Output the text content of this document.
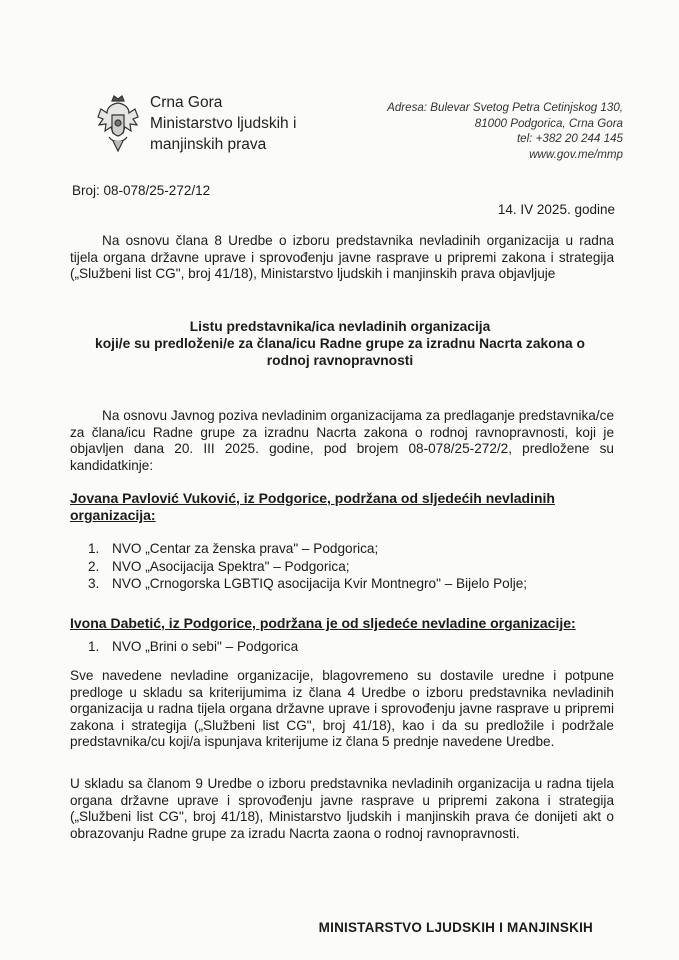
Crna Gora
Ministarstvo ljudskih i
manjinskih prava
Adresa: Bulevar Svetog Petra Cetinjskog 130,
81000 Podgorica, Crna Gora
tel: +382 20 244 145
www.gov.me/mmp
Broj: 08-078/25-272/12
14. IV 2025. godine
Na osnovu člana 8 Uredbe o izboru predstavnika nevladinih organizacija u radna tijela organa državne uprave i sprovođenju javne rasprave u pripremi zakona i strategija („Službeni list CG", broj 41/18), Ministarstvo ljudskih i manjinskih prava objavljuje
Listu predstavnika/ica nevladinih organizacija
koji/e su predloženi/e za člana/icu Radne grupe za izradnu Nacrta zakona o
rodnoj ravnopravnosti
Na osnovu Javnog poziva nevladinim organizacijama za predlaganje predstavnika/ce za člana/icu Radne grupe za izradnu Nacrta zakona o rodnoj ravnopravnosti, koji je objavljen dana 20. III 2025. godine, pod brojem 08-078/25-272/2, predložene su kandidatkinje:
Jovana Pavlović Vuković, iz Podgorice, podržana od sljedećih nevladinih organizacija:
1. NVO „Centar za ženska prava" – Podgorica;
2. NVO „Asocijacija Spektra" – Podgorica;
3. NVO „Crnogorska LGBTIQ asocijacija Kvir Montnegro" – Bijelo Polje;
Ivona Dabetić, iz Podgorice, podržana je od sljedeće nevladine organizacije:
1. NVO „Brini o sebi" – Podgorica
Sve navedene nevladine organizacije, blagovremeno su dostavile uredne i potpune predloge u skladu sa kriterijumima iz člana 4 Uredbe o izboru predstavnika nevladinih organizacija u radna tijela organa državne uprave i sprovođenju javne rasprave u pripremi zakona i strategija („Službeni list CG", broj 41/18), kao i da su predložile i podržale predstavnika/cu koji/a ispunjava kriterijume iz člana 5 prednje navedene Uredbe.
U skladu sa članom 9 Uredbe o izboru predstavnika nevladinih organizacija u radna tijela organa državne uprave i sprovođenju javne rasprave u pripremi zakona i strategija („Službeni list CG", broj 41/18), Ministarstvo ljudskih i manjinskih prava će donijeti akt o obrazovanju Radne grupe za izradu Nacrta zaona o rodnoj ravnopravnosti.
MINISTARSTVO LJUDSKIH I MANJINSKIH
